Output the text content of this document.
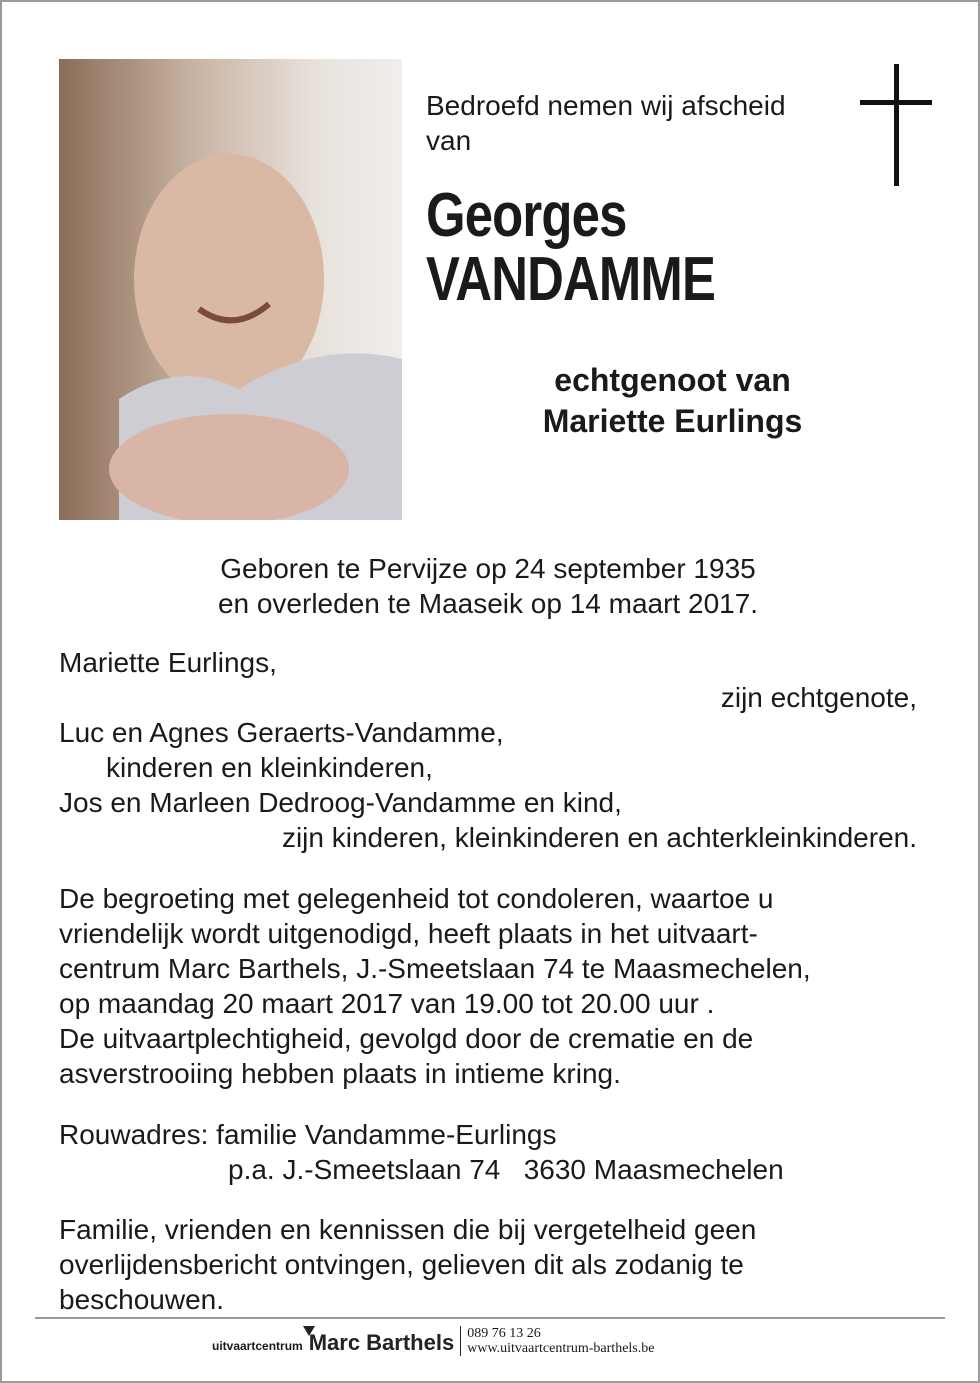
Bedroefd nemen wij afscheid
van
Georges
VANDAMME
echtgenoot van
Mariette Eurlings
Geboren te Pervijze op 24 september 1935
en overleden te Maaseik op 14 maart 2017.
Mariette Eurlings,
zijn echtgenote,
Luc en Agnes Geraerts-Vandamme,
kinderen en kleinkinderen,
Jos en Marleen Dedroog-Vandamme en kind,
zijn kinderen, kleinkinderen en achterkleinkinderen.
De begroeting met gelegenheid tot condoleren, waartoe u
vriendelijk wordt uitgenodigd, heeft plaats in het uitvaart-
centrum Marc Barthels, J.-Smeetslaan 74 te Maasmechelen,
op maandag 20 maart 2017 van 19.00 tot 20.00 uur .
De uitvaartplechtigheid, gevolgd door de crematie en de
asverstrooiing hebben plaats in intieme kring.
Rouwadres: familie Vandamme-Eurlings
p.a. J.-Smeetslaan 74   3630 Maasmechelen
Familie, vrienden en kennissen die bij vergetelheid geen
overlijdensbericht ontvingen, gelieven dit als zodanig te
beschouwen.
uitvaartcentrum Marc Barthels 089 76 13 26
www.uitvaartcentrum-barthels.be
